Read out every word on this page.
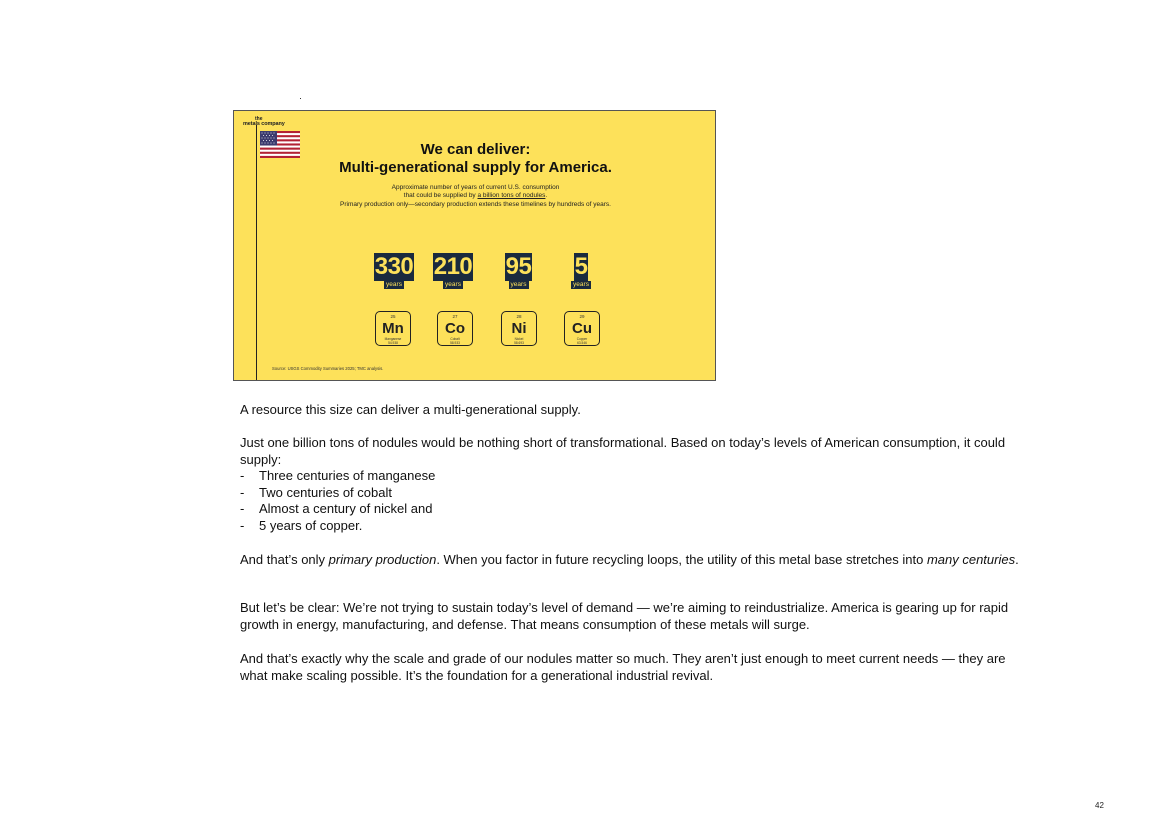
the
metals company
We can deliver:
Multi-generational supply for America.
Approximate number of years of current U.S. consumption
that could be supplied by a billion tons of nodules.
Primary production only—secondary production extends these timelines by hundreds of years.
330
years
210
years
95
years
5
years
25
Mn
Manganese
54.938
27
Co
Cobalt
58.933
28
Ni
Nickel
58.693
29
Cu
Copper
63.546
Source: USGS Commodity Summaries 2025; TMC analysis.
A resource this size can deliver a multi-generational supply.
Just one billion tons of nodules would be nothing short of transformational. Based on today’s levels of American consumption, it could supply:
- Three centuries of manganese
- Two centuries of cobalt
- Almost a century of nickel and
- 5 years of copper.
And that’s only primary production. When you factor in future recycling loops, the utility of this metal base stretches into many centuries.
But let’s be clear: We’re not trying to sustain today’s level of demand — we’re aiming to reindustrialize. America is gearing up for rapid growth in energy, manufacturing, and defense. That means consumption of these metals will surge.
And that’s exactly why the scale and grade of our nodules matter so much. They aren’t just enough to meet current needs — they are what make scaling possible. It’s the foundation for a generational industrial revival.
42
